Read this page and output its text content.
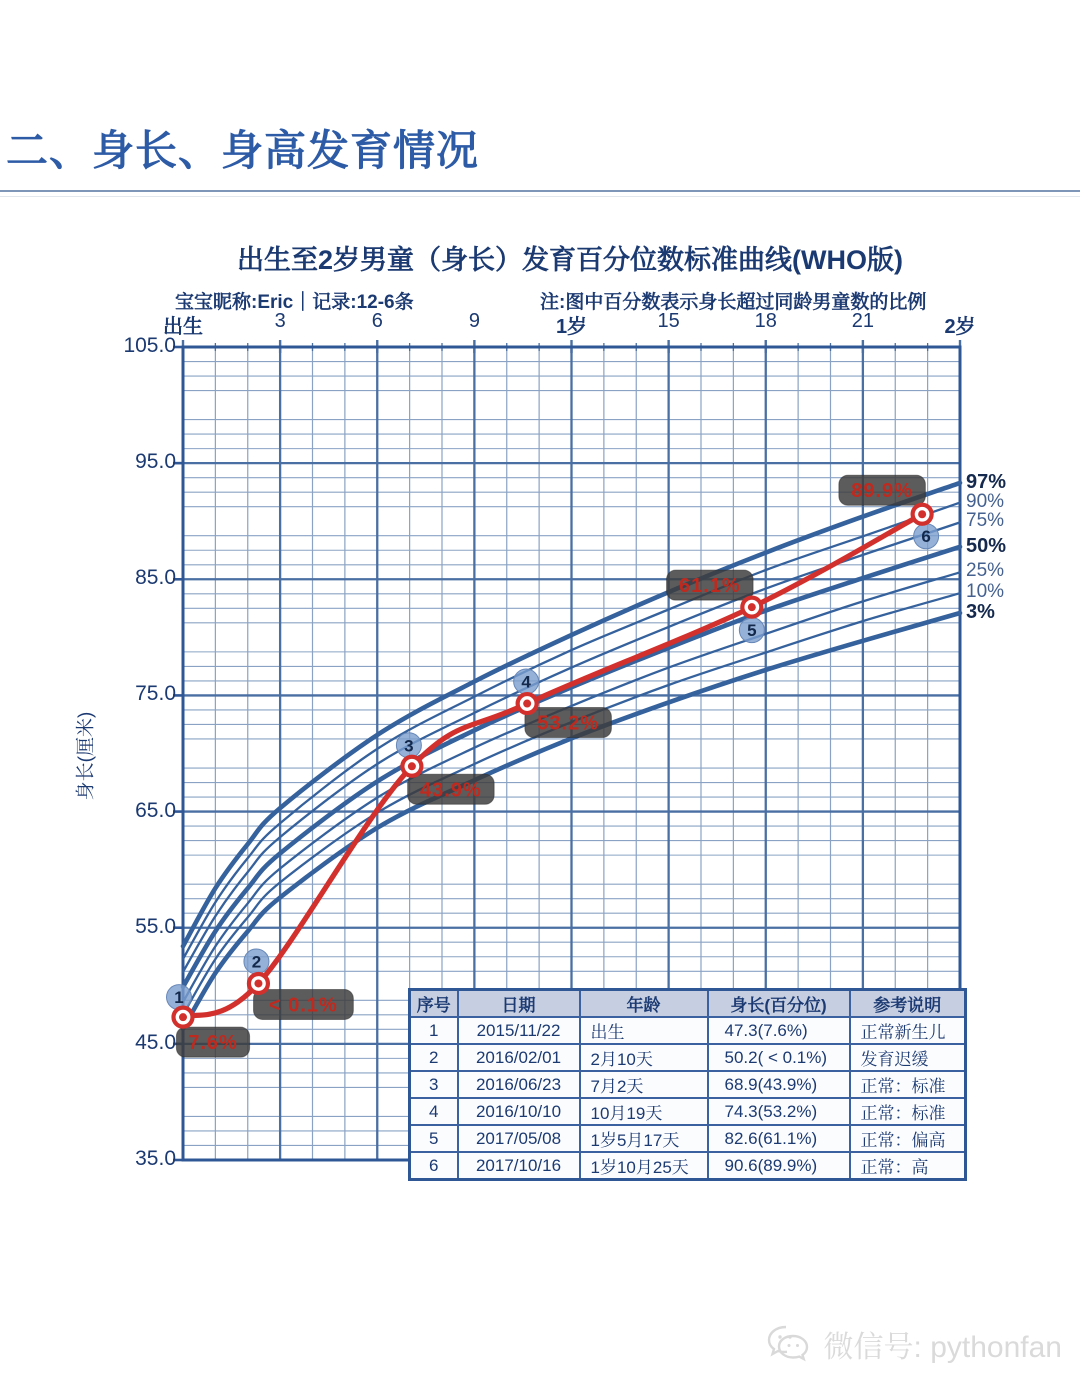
二、身长、身高发育情况
出生至2岁男童（身长）发育百分位数标准曲线(WHO版)
宝宝昵称:Eric｜记录:12-6条	注:图中百分数表示身长超过同龄男童数的比例
7.6%
< 0.1%
43.9%
53.2%
61.1%
89.9%
1
2
3
4
5
6
出生	3	6	9	1岁	15	18	21	2岁
105.0
95.0
85.0
75.0
65.0
55.0
45.0
35.0
身长(厘米)
97%
90%
75%
50%
25%
10%
3%
序号	日期	年龄	身长(百分位)	参考说明
1	2015/11/22	出生	47.3(7.6%)	正常新生儿
2	2016/02/01	2月10天	50.2( < 0.1%)	发育迟缓
3	2016/06/23	7月2天	68.9(43.9%)	正常：标准
4	2016/10/10	10月19天	74.3(53.2%)	正常：标准
5	2017/05/08	1岁5月17天	82.6(61.1%)	正常：偏高
6	2017/10/16	1岁10月25天	90.6(89.9%)	正常：高
微信号: pythonfan
